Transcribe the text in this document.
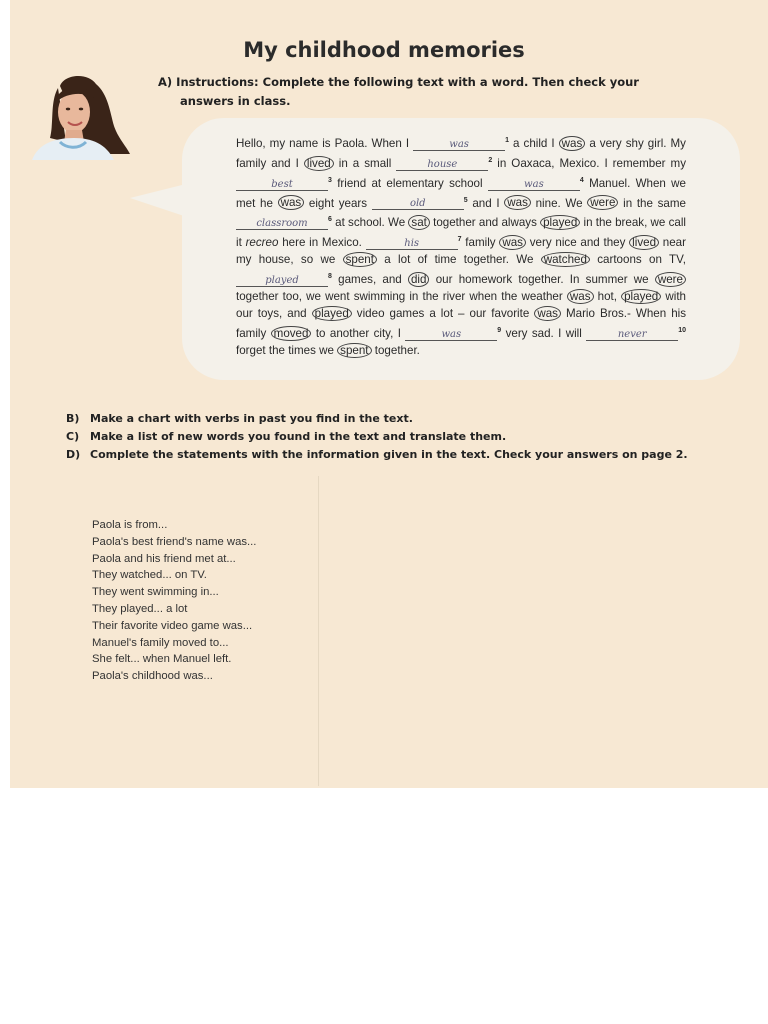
My childhood memories
A) Instructions: Complete the following text with a word. Then check your
answers in class.
Hello, my name is Paola. When I	was	$^1$ a child I was a very shy girl. My family and I lived in a small	house	$^2$ in Oaxaca, Mexico. I remember my best	$^3$ friend at elementary school	was	$^4$ Manuel. When we met he was eight years	old	$^5$ and I was nine. We were in the same classroom	$^6$ at school. We sat together and always played in the break, we call it recreo here in Mexico.	his	$^7$ family was very nice and they lived near my house, so we spent a lot of time together. We watched cartoons on TV, played	$^8$ games, and did our homework together. In summer we were together too, we went swimming in the river when the weather was hot, played with our toys, and played video games a lot – our favorite was Mario Bros.- When his family moved to another city, I	was	$^9$ very sad. I will	never	$^{10}$ forget the times we spent together.
B) Make a chart with verbs in past you find in the text.
C) Make a list of new words you found in the text and translate them.
D) Complete the statements with the information given in the text. Check your answers on page 2.
Paola is from...
Paola's best friend's name was...
Paola and his friend met at...
They watched... on TV.
They went swimming in...
They played... a lot
Their favorite video game was...
Manuel's family moved to...
She felt... when Manuel left.
Paola's childhood was...
